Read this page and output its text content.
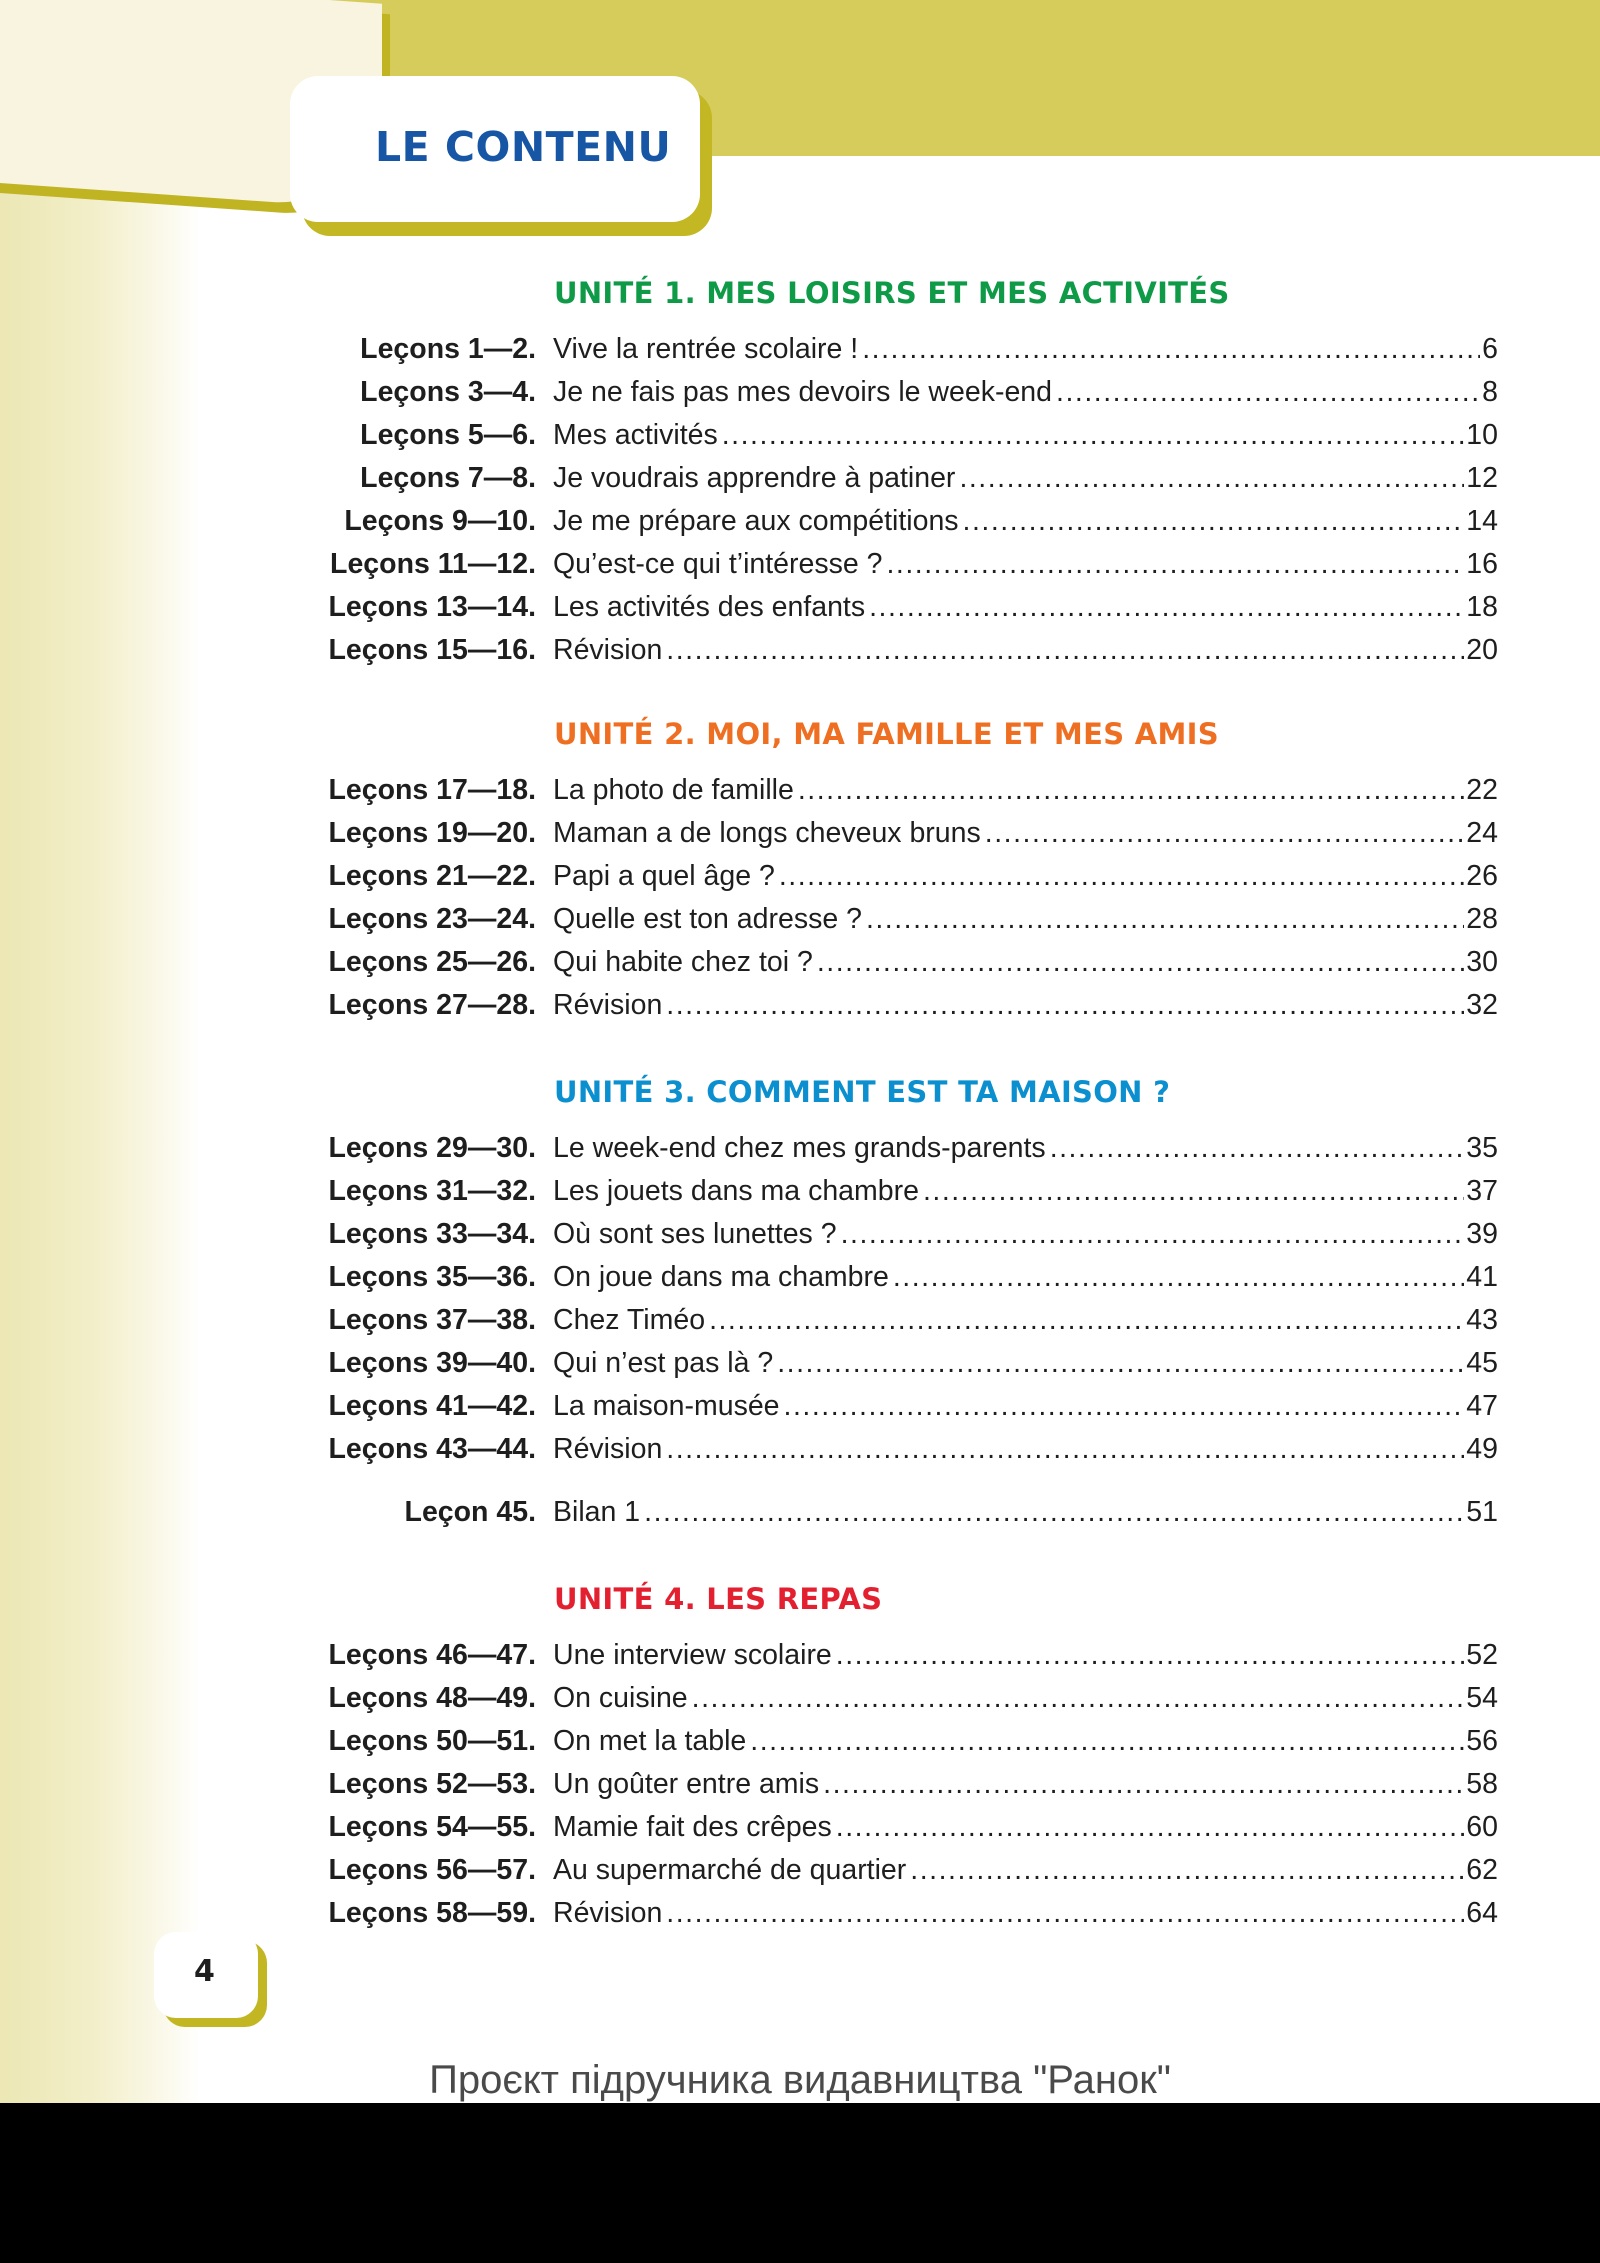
LE CONTENU
UNITÉ 1. MES LOISIRS ET MES ACTIVITÉS
Leçons 1—2. Vive la rentrée scolaire ! . . .	6
Leçons 3—4. Je ne fais pas mes devoirs le week-end . . .	8
Leçons 5—6. Mes activités . . .	10
Leçons 7—8. Je voudrais apprendre à patiner . . .	12
Leçons 9—10. Je me prépare aux compétitions . . .	14
Leçons 11—12. Qu’est-ce qui t’intéresse ? . . .	16
Leçons 13—14. Les activités des enfants . . .	18
Leçons 15—16. Révision . . .	20
UNITÉ 2. MOI, MA FAMILLE ET MES AMIS
Leçons 17—18. La photo de famille . . .	22
Leçons 19—20. Maman a de longs cheveux bruns . . .	24
Leçons 21—22. Papi a quel âge ? . . .	26
Leçons 23—24. Quelle est ton adresse ? . . .	28
Leçons 25—26. Qui habite chez toi ? . . .	30
Leçons 27—28. Révision . . .	32
UNITÉ 3. COMMENT EST TA MAISON ?
Leçons 29—30. Le week-end chez mes grands-parents . . .	35
Leçons 31—32. Les jouets dans ma chambre . . .	37
Leçons 33—34. Où sont ses lunettes ? . . .	39
Leçons 35—36. On joue dans ma chambre . . .	41
Leçons 37—38. Chez Timéo . . .	43
Leçons 39—40. Qui n’est pas là ? . . .	45
Leçons 41—42. La maison-musée . . .	47
Leçons 43—44. Révision . . .	49
Leçon 45. Bilan 1 . . .	51
UNITÉ 4. LES REPAS
Leçons 46—47. Une interview scolaire . . .	52
Leçons 48—49. On cuisine . . .	54
Leçons 50—51. On met la table . . .	56
Leçons 52—53. Un goûter entre amis . . .	58
Leçons 54—55. Mamie fait des crêpes . . .	60
Leçons 56—57. Au supermarché de quartier . . .	62
Leçons 58—59. Révision . . .	64
4
Проєкт підручника видавництва "Ранок"
